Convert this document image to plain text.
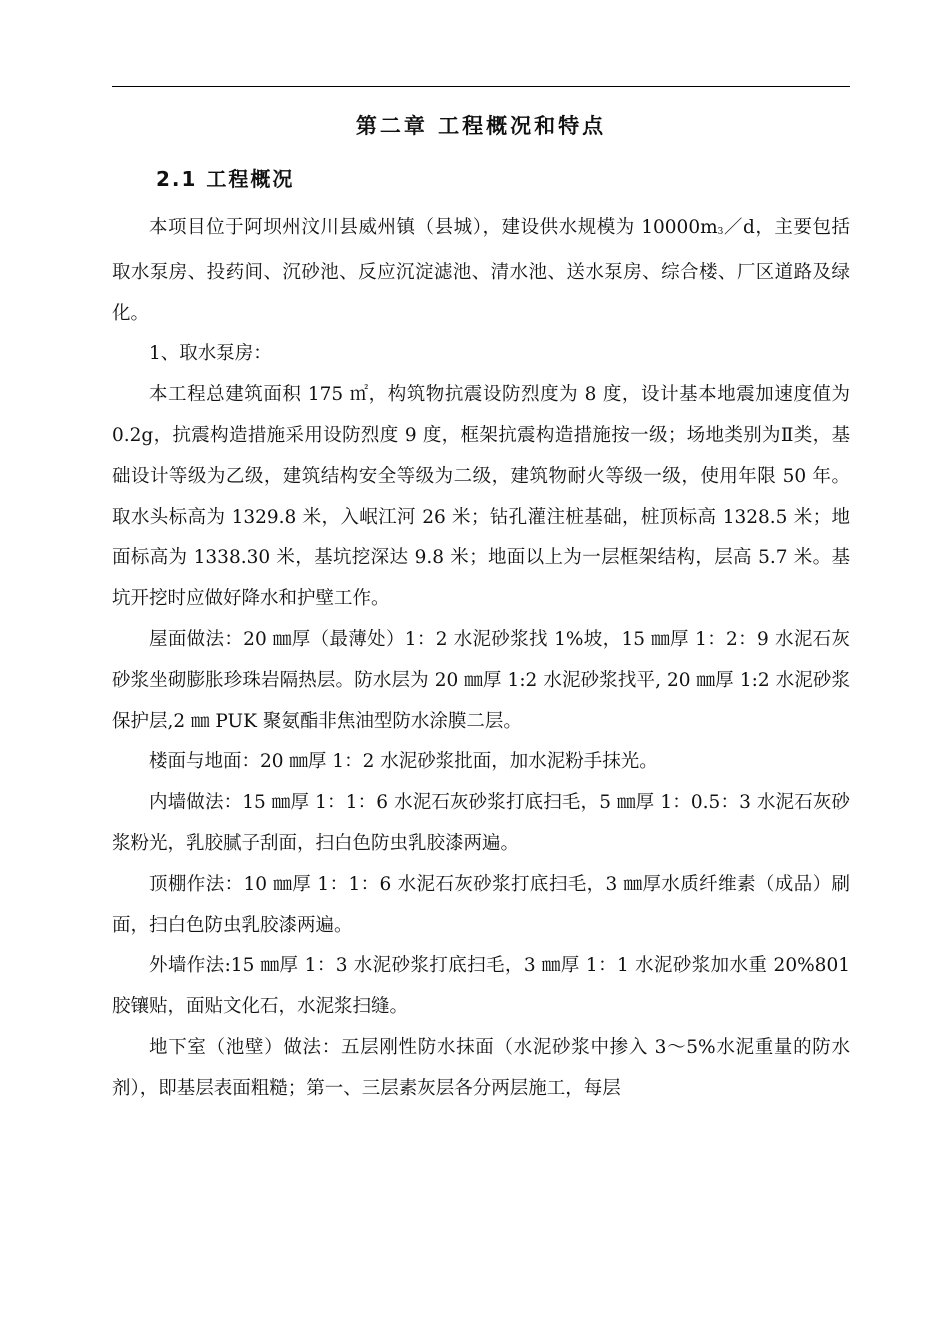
第二章 工程概况和特点
2.1 工程概况

本项目位于阿坝州汶川县威州镇（县城），建设供水规模为 10000m3／d，主要包括取水泵房、投药间、沉砂池、反应沉淀滤池、清水池、送水泵房、综合楼、厂区道路及绿化。

1、取水泵房：

本工程总建筑面积 175 ㎡，构筑物抗震设防烈度为 8 度，设计基本地震加速度值为 0.2g，抗震构造措施采用设防烈度 9 度，框架抗震构造措施按一级；场地类别为Ⅱ类，基础设计等级为乙级，建筑结构安全等级为二级，建筑物耐火等级一级，使用年限 50 年。取水头标高为 1329.8 米，入岷江河 26 米；钻孔灌注桩基础，桩顶标高 1328.5 米；地面标高为 1338.30 米，基坑挖深达 9.8 米；地面以上为一层框架结构，层高 5.7 米。基坑开挖时应做好降水和护壁工作。

屋面做法：20 ㎜厚（最薄处）1：2 水泥砂浆找 1%坡，15 ㎜厚 1：2：9 水泥石灰砂浆坐砌膨胀珍珠岩隔热层。防水层为 20 ㎜厚 1:2 水泥砂浆找平, 20 ㎜厚 1:2 水泥砂浆保护层,2 ㎜ PUK 聚氨酯非焦油型防水涂膜二层。

楼面与地面：20 ㎜厚 1：2 水泥砂浆批面，加水泥粉手抹光。

内墙做法：15 ㎜厚 1：1：6 水泥石灰砂浆打底扫毛，5 ㎜厚 1：0.5：3 水泥石灰砂浆粉光，乳胶腻子刮面，扫白色防虫乳胶漆两遍。

顶棚作法：10 ㎜厚 1：1：6 水泥石灰砂浆打底扫毛，3 ㎜厚水质纤维素（成品）刷面，扫白色防虫乳胶漆两遍。

外墙作法:15 ㎜厚 1：3 水泥砂浆打底扫毛，3 ㎜厚 1：1 水泥砂浆加水重 20%801 胶镶贴，面贴文化石，水泥浆扫缝。

地下室（池壁）做法：五层刚性防水抹面（水泥砂浆中掺入 3～5%水泥重量的防水剂），即基层表面粗糙；第一、三层素灰层各分两层施工，每层
